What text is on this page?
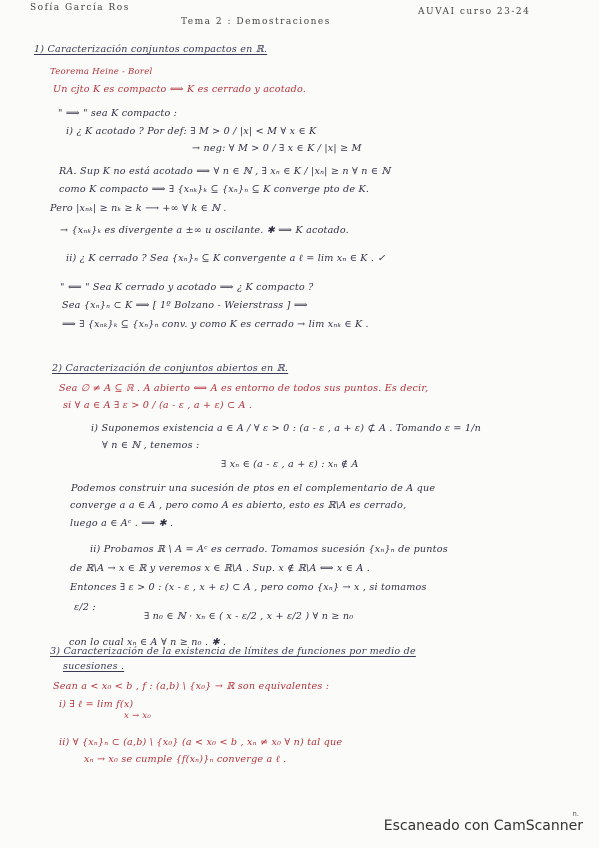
Sofía García Ros
Tema 2 : Demostraciones
AUVAI curso 23-24
1) Caracterización conjuntos compactos en ℝ.
Teorema Heine - Borel
Un cjto K es compacto ⟺ K es cerrado y acotado.
" ⟹ " sea K compacto :
i) ¿ K acotado ? Por def: ∃ M > 0 / |x| < M ∀ x ∈ K
→ neg: ∀ M > 0 / ∃ x ∈ K / |x| ≥ M
RA. Sup K no está acotado ⟹ ∀ n ∈ ℕ , ∃ xₙ ∈ K / |xₙ| ≥ n ∀ n ∈ ℕ
como K compacto ⟹ ∃ {xₙₖ}ₖ ⊆ {xₙ}ₙ ⊆ K converge pto de K.
Pero |xₙₖ| ≥ nₖ ≥ k ⟶ +∞ ∀ k ∈ ℕ .
→ {xₙₖ}ₖ es divergente a ±∞ u oscilante. ✱ ⟹ K acotado.
ii) ¿ K cerrado ? Sea {xₙ}ₙ ⊆ K convergente a ℓ = lim xₙ ∈ K . ✓
" ⟸ " Sea K cerrado y acotado ⟹ ¿ K compacto ?
Sea {xₙ}ₙ ⊂ K ⟹ [ 1º Bolzano - Weierstrass ] ⟹
⟹ ∃ {xₙₖ}ₖ ⊆ {xₙ}ₙ conv. y como K es cerrado → lim xₙₖ ∈ K .
2) Caracterización de conjuntos abiertos en ℝ.
Sea ∅ ≠ A ⊆ ℝ . A abierto ⟺ A es entorno de todos sus puntos. Es decir,
si ∀ a ∈ A ∃ ε > 0 / (a - ε , a + ε) ⊂ A .
i) Suponemos existencia a ∈ A / ∀ ε > 0 : (a - ε , a + ε) ⊄ A . Tomando ε = 1/n
∀ n ∈ ℕ , tenemos :
∃ xₙ ∈ (a - ε , a + ε) : xₙ ∉ A
Podemos construir una sucesión de ptos en el complementario de A que
converge a a ∈ A , pero como A es abierto, esto es ℝ\A es cerrado,
luego a ∈ Aᶜ . ⟹ ✱ .
ii) Probamos ℝ \ A = Aᶜ es cerrado. Tomamos sucesión {xₙ}ₙ de puntos
de ℝ\A → x ∈ ℝ y veremos x ∈ ℝ\A . Sup. x ∉ ℝ\A ⟺ x ∈ A .
Entonces ∃ ε > 0 : (x - ε , x + ε) ⊂ A , pero como {xₙ} → x , si tomamos
ε/2 :
∃ n₀ ∈ ℕ · xₙ ∈ ( x - ε/2 , x + ε/2 ) ∀ n ≥ n₀
con lo cual xₙ ∈ A ∀ n ≥ n₀ . ✱ .
3) Caracterización de la existencia de límites de funciones por medio de
sucesiones .
Sean a < x₀ < b , f : (a,b) \ {x₀} → ℝ son equivalentes :
i) ∃ ℓ = lim f(x)
x → x₀
ii) ∀ {xₙ}ₙ ⊂ (a,b) \ {x₀} (a < x₀ < b , xₙ ≠ x₀ ∀ n) tal que
xₙ → x₀ se cumple {f(xₙ)}ₙ converge a ℓ .
n.
Escaneado con CamScanner
